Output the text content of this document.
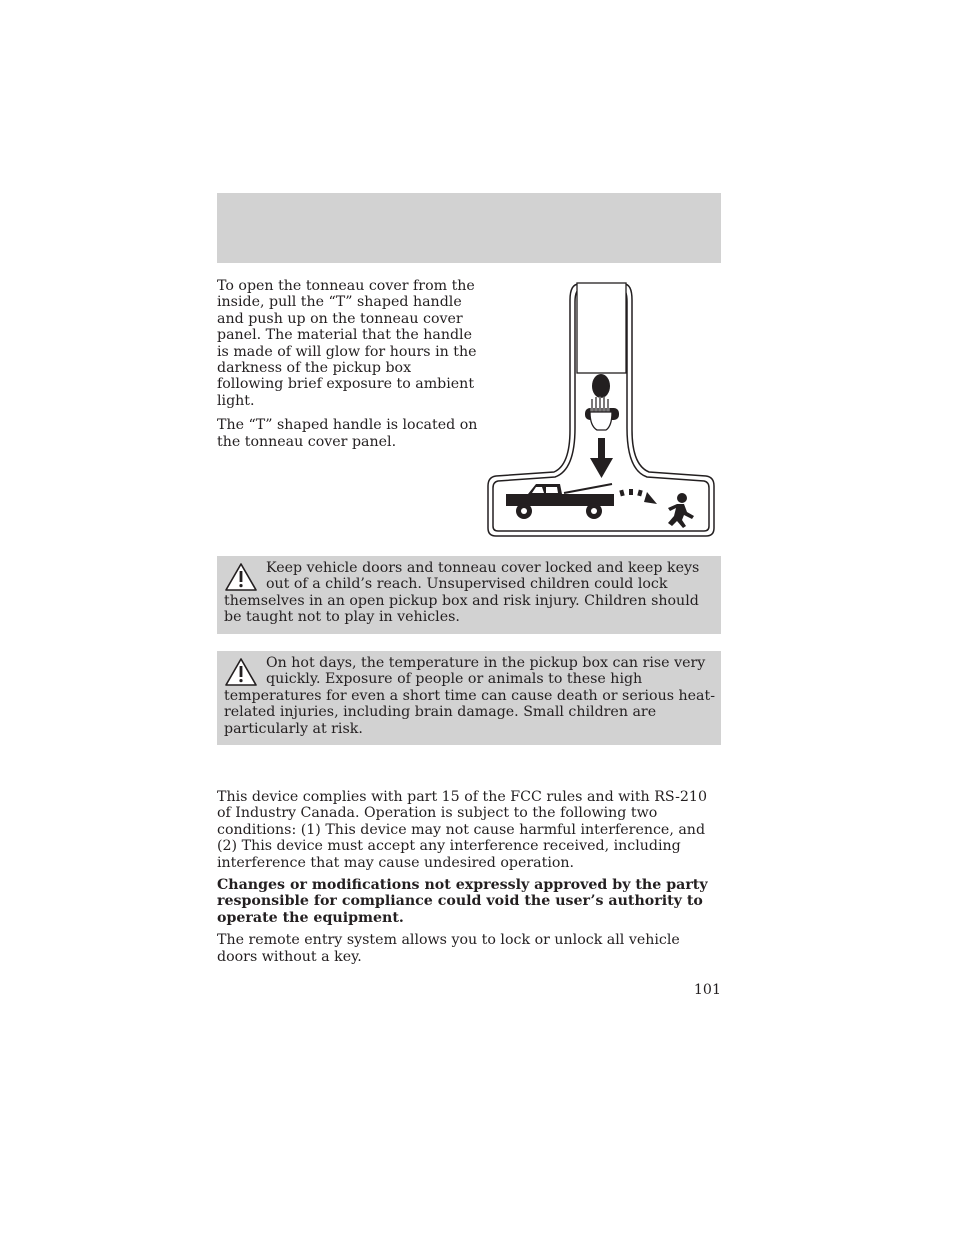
To open the tonneau cover from the inside, pull the “T” shaped handle and push up on the tonneau cover panel. The material that the handle is made of will glow for hours in the darkness of the pickup box following brief exposure to ambient light.

The “T” shaped handle is located on the tonneau cover panel.

Keep vehicle doors and tonneau cover locked and keep keys out of a child’s reach. Unsupervised children could lock themselves in an open pickup box and risk injury. Children should be taught not to play in vehicles.

On hot days, the temperature in the pickup box can rise very quickly. Exposure of people or animals to these high temperatures for even a short time can cause death or serious heat-related injuries, including brain damage. Small children are particularly at risk.

This device complies with part 15 of the FCC rules and with RS-210 of Industry Canada. Operation is subject to the following two conditions: (1) This device may not cause harmful interference, and (2) This device must accept any interference received, including interference that may cause undesired operation.

Changes or modifications not expressly approved by the party responsible for compliance could void the user’s authority to operate the equipment.

The remote entry system allows you to lock or unlock all vehicle doors without a key.

101
